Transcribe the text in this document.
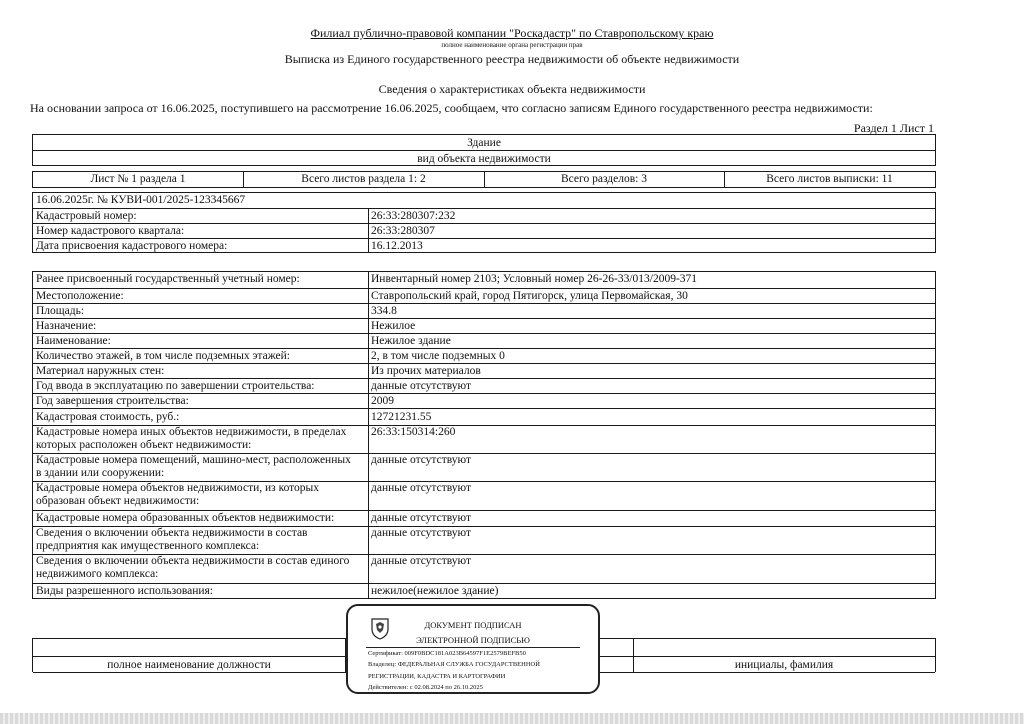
Филиал публично-правовой компании "Роскадастр" по Ставропольскому краю
полное наименование органа регистрации прав
Выписка из Единого государственного реестра недвижимости об объекте недвижимости
Сведения о характеристиках объекта недвижимости
На основании запроса от 16.06.2025, поступившего на рассмотрение 16.06.2025, сообщаем, что согласно записям Единого государственного реестра недвижимости:
Раздел 1 Лист 1
Здание
вид объекта недвижимости
Лист № 1 раздела 1	Всего листов раздела 1: 2	Всего разделов: 3	Всего листов выписки: 11
16.06.2025г. № КУВИ-001/2025-123345667
Кадастровый номер:	26:33:280307:232
Номер кадастрового квартала:	26:33:280307
Дата присвоения кадастрового номера:	16.12.2013
Ранее присвоенный государственный учетный номер:	Инвентарный номер 2103; Условный номер 26-26-33/013/2009-371
Местоположение:	Ставропольский край, город Пятигорск, улица Первомайская, 30
Площадь:	334.8
Назначение:	Нежилое
Наименование:	Нежилое здание
Количество этажей, в том числе подземных этажей:	2, в том числе подземных 0
Материал наружных стен:	Из прочих материалов
Год ввода в эксплуатацию по завершении строительства:	данные отсутствуют
Год завершения строительства:	2009
Кадастровая стоимость, руб.:	12721231.55
Кадастровые номера иных объектов недвижимости, в пределах
которых расположен объект недвижимости:
26:33:150314:260
Кадастровые номера помещений, машино-мест, расположенных
в здании или сооружении:
данные отсутствуют
Кадастровые номера объектов недвижимости, из которых
образован объект недвижимости:
данные отсутствуют
Кадастровые номера образованных объектов недвижимости:	данные отсутствуют
Сведения о включении объекта недвижимости в состав
предприятия как имущественного комплекса:
данные отсутствуют
Сведения о включении объекта недвижимости в состав единого
недвижимого комплекса:
данные отсутствуют
Виды разрешенного использования:	нежилое(нежилое здание)
полное наименование должности	инициалы, фамилия
ДОКУМЕНТ ПОДПИСАН
ЭЛЕКТРОННОЙ ПОДПИСЬЮ
Сертификат: 009F0BDC181A023B64597F1E2579BEFB50
Владелец: ФЕДЕРАЛЬНАЯ СЛУЖБА ГОСУДАРСТВЕННОЙ
РЕГИСТРАЦИИ, КАДАСТРА И КАРТОГРАФИИ
Действителен: с 02.08.2024 по 26.10.2025
